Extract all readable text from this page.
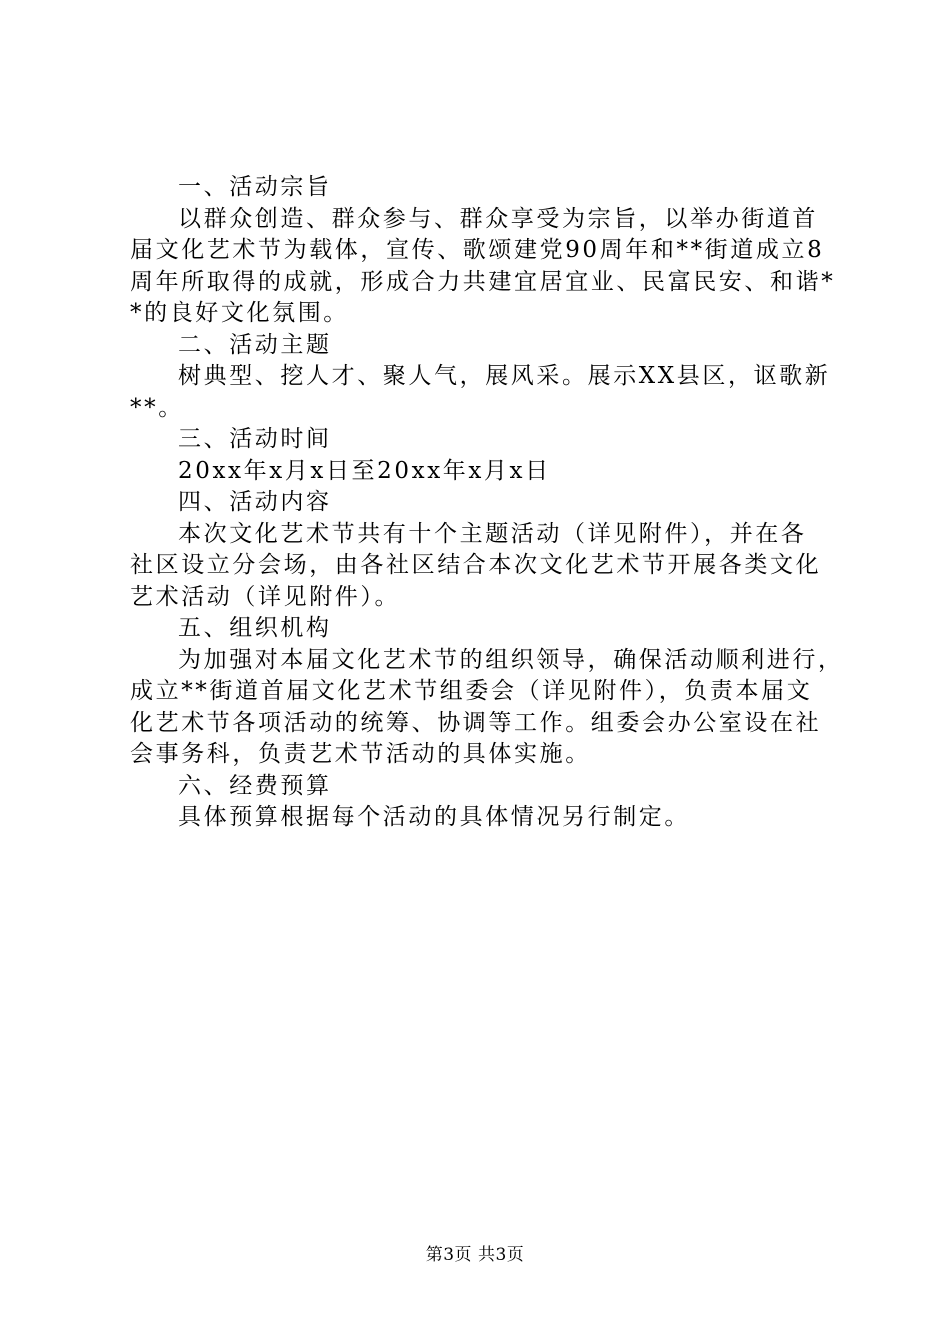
一、活动宗旨
以群众创造、群众参与、群众享受为宗旨，以举办街道首
届文化艺术节为载体，宣传、歌颂建党90周年和**街道成立8
周年所取得的成就，形成合力共建宜居宜业、民富民安、和谐*
*的良好文化氛围。
二、活动主题
树典型、挖人才、聚人气，展风采。展示XX县区，讴歌新
**。
三、活动时间
20xx年x月x日至20xx年x月x日
四、活动内容
本次文化艺术节共有十个主题活动（详见附件），并在各
社区设立分会场，由各社区结合本次文化艺术节开展各类文化
艺术活动（详见附件）。
五、组织机构
为加强对本届文化艺术节的组织领导，确保活动顺利进行，
成立**街道首届文化艺术节组委会（详见附件），负责本届文
化艺术节各项活动的统筹、协调等工作。组委会办公室设在社
会事务科，负责艺术节活动的具体实施。
六、经费预算
具体预算根据每个活动的具体情况另行制定。
第3页 共3页
